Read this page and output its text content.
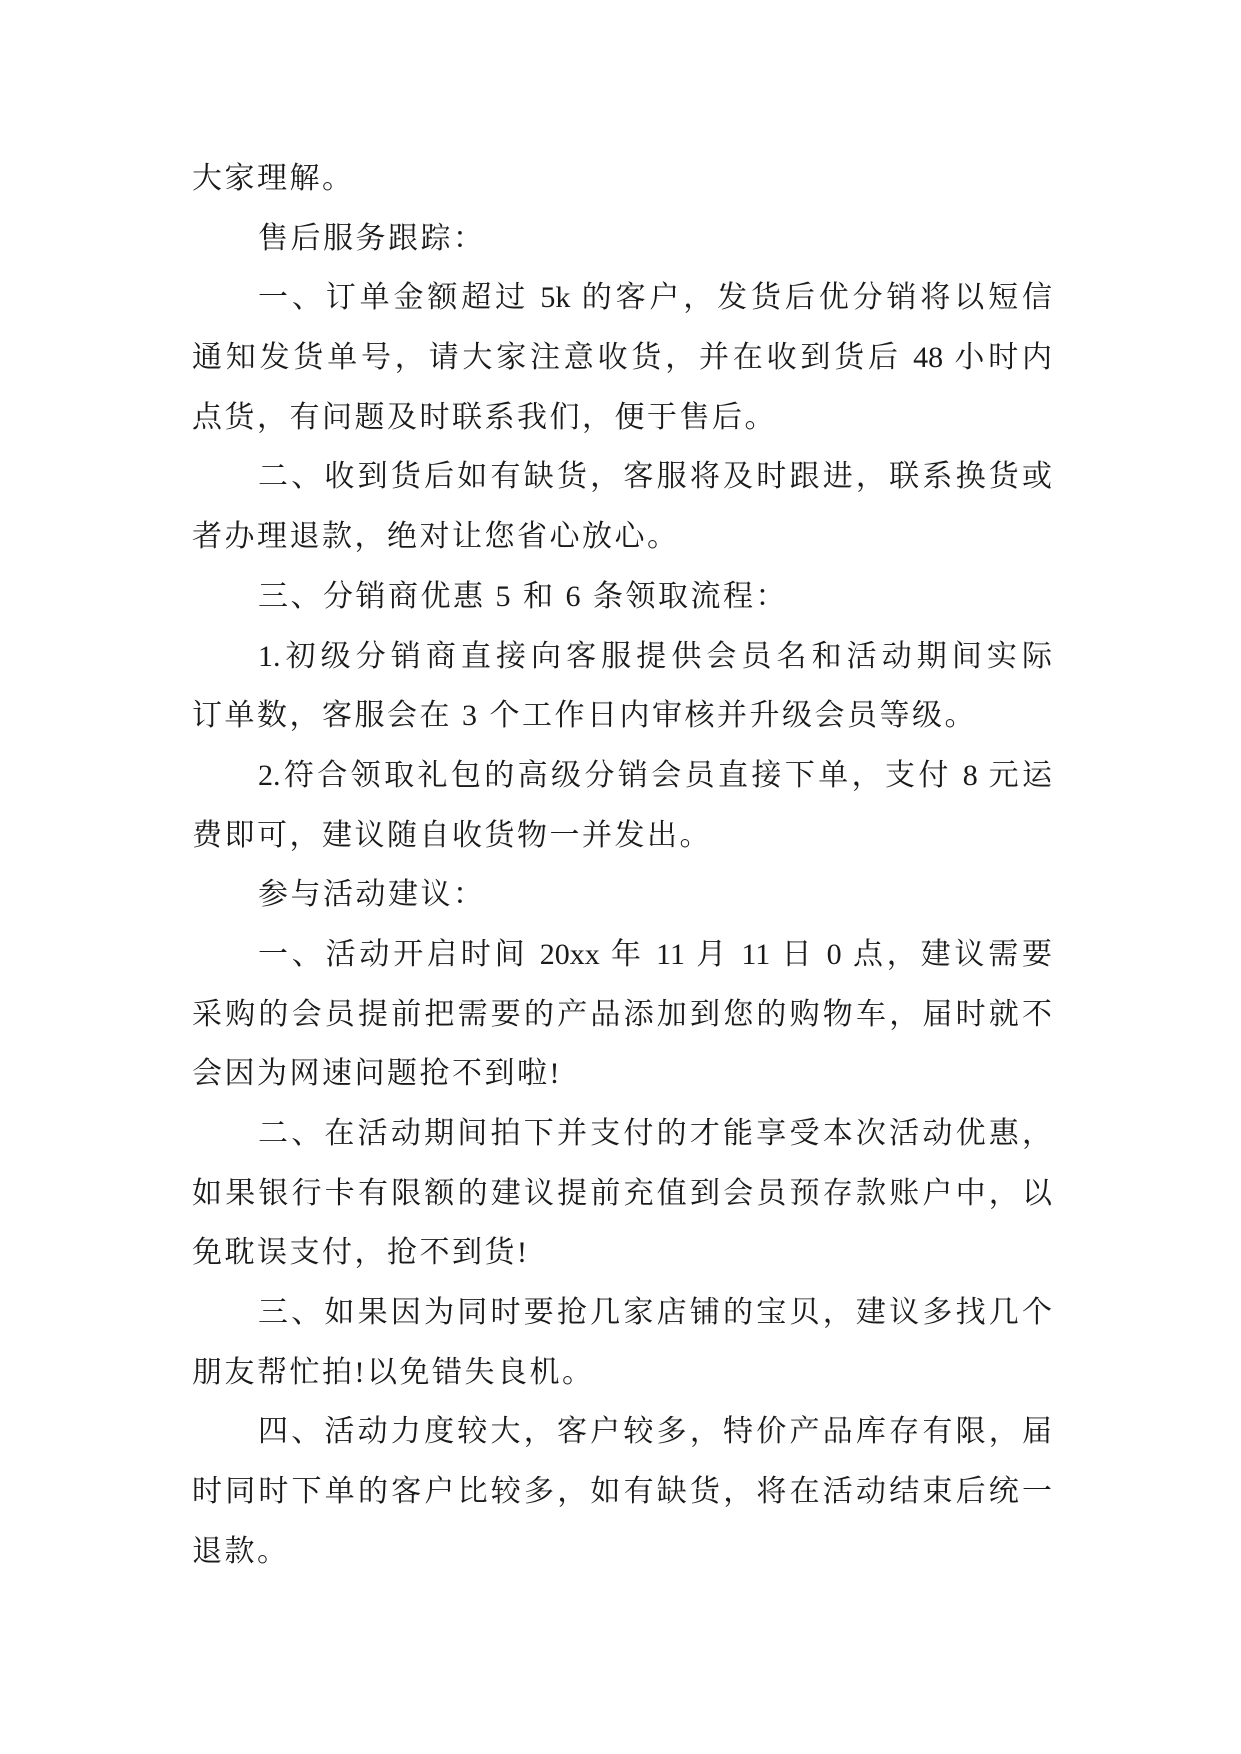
大家理解。
售后服务跟踪：
一、订单金额超过 5k 的客户，发货后优分销将以短信
通知发货单号，请大家注意收货，并在收到货后 48 小时内
点货，有问题及时联系我们，便于售后。
二、收到货后如有缺货，客服将及时跟进，联系换货或
者办理退款，绝对让您省心放心。
三、分销商优惠 5 和 6 条领取流程：
1.初级分销商直接向客服提供会员名和活动期间实际
订单数，客服会在 3 个工作日内审核并升级会员等级。
2.符合领取礼包的高级分销会员直接下单，支付 8 元运
费即可，建议随自收货物一并发出。
参与活动建议：
一、活动开启时间 20xx 年 11 月 11 日 0 点，建议需要
采购的会员提前把需要的产品添加到您的购物车，届时就不
会因为网速问题抢不到啦!
二、在活动期间拍下并支付的才能享受本次活动优惠，
如果银行卡有限额的建议提前充值到会员预存款账户中，以
免耽误支付，抢不到货!
三、如果因为同时要抢几家店铺的宝贝，建议多找几个
朋友帮忙拍!以免错失良机。
四、活动力度较大，客户较多，特价产品库存有限，届
时同时下单的客户比较多，如有缺货，将在活动结束后统一
退款。
